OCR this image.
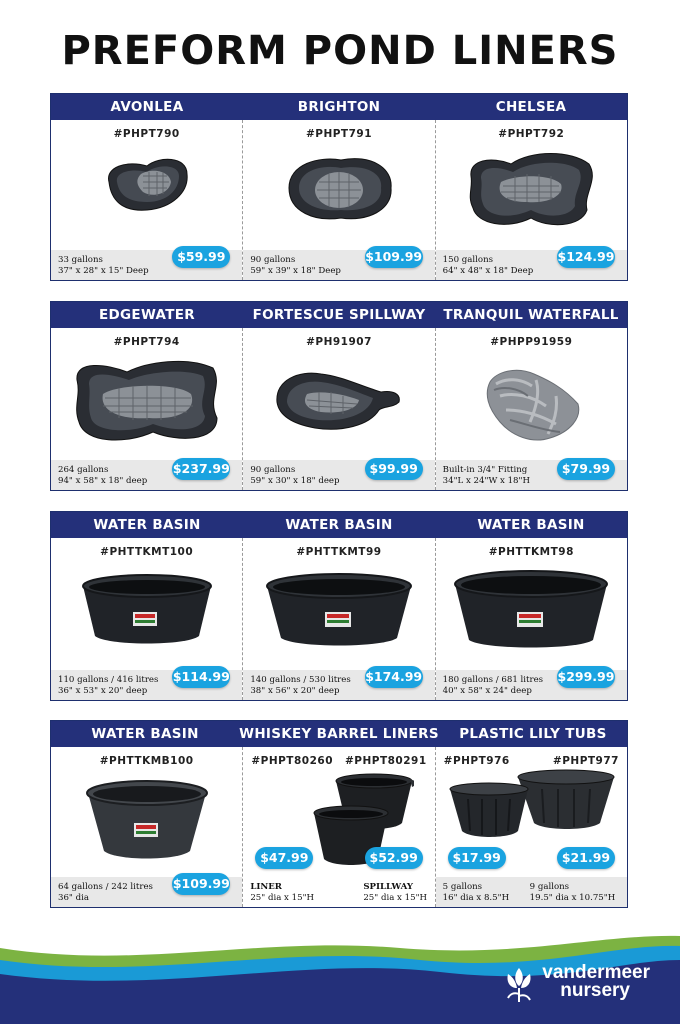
PREFORM POND LINERS
AVONLEA	BRIGHTON	CHELSEA
#PHPT790
33 gallons
37" x 28" x 15" Deep
$59.99
#PHPT791
90 gallons
59" x 39" x 18" Deep
$109.99
#PHPT792
150 gallons
64" x 48" x 18" Deep
$124.99
EDGEWATER	FORTESCUE SPILLWAY	TRANQUIL WATERFALL
#PHPT794
264 gallons
94" x 58" x 18" deep
$237.99
#PH91907
90 gallons
59" x 30" x 18" deep
$99.99
#PHPP91959
Built-in 3/4" Fitting
34"L x 24"W x 18"H
$79.99
WATER BASIN	WATER BASIN	WATER BASIN
#PHTTKMT100
110 gallons / 416 litres
36" x 53" x 20" deep
$114.99
#PHTTKMT99
140 gallons / 530 litres
38" x 56" x 20" deep
$174.99
#PHTTKMT98
180 gallons / 681 litres
40" x 58" x 24" deep
$299.99
WATER BASIN	WHISKEY BARREL LINERS	PLASTIC LILY TUBS
#PHTTKMB100
64 gallons / 242 litres
36" dia
$109.99
#PHPT80260 #PHPT80291
$47.99	$52.99
LINER
25" dia x 15"H
SPILLWAY
25" dia x 15"H
#PHPT976	#PHPT977
$17.99	$21.99
5 gallons
16" dia x 8.5"H
9 gallons
19.5" dia x 10.75"H
vandermeer
nursery
